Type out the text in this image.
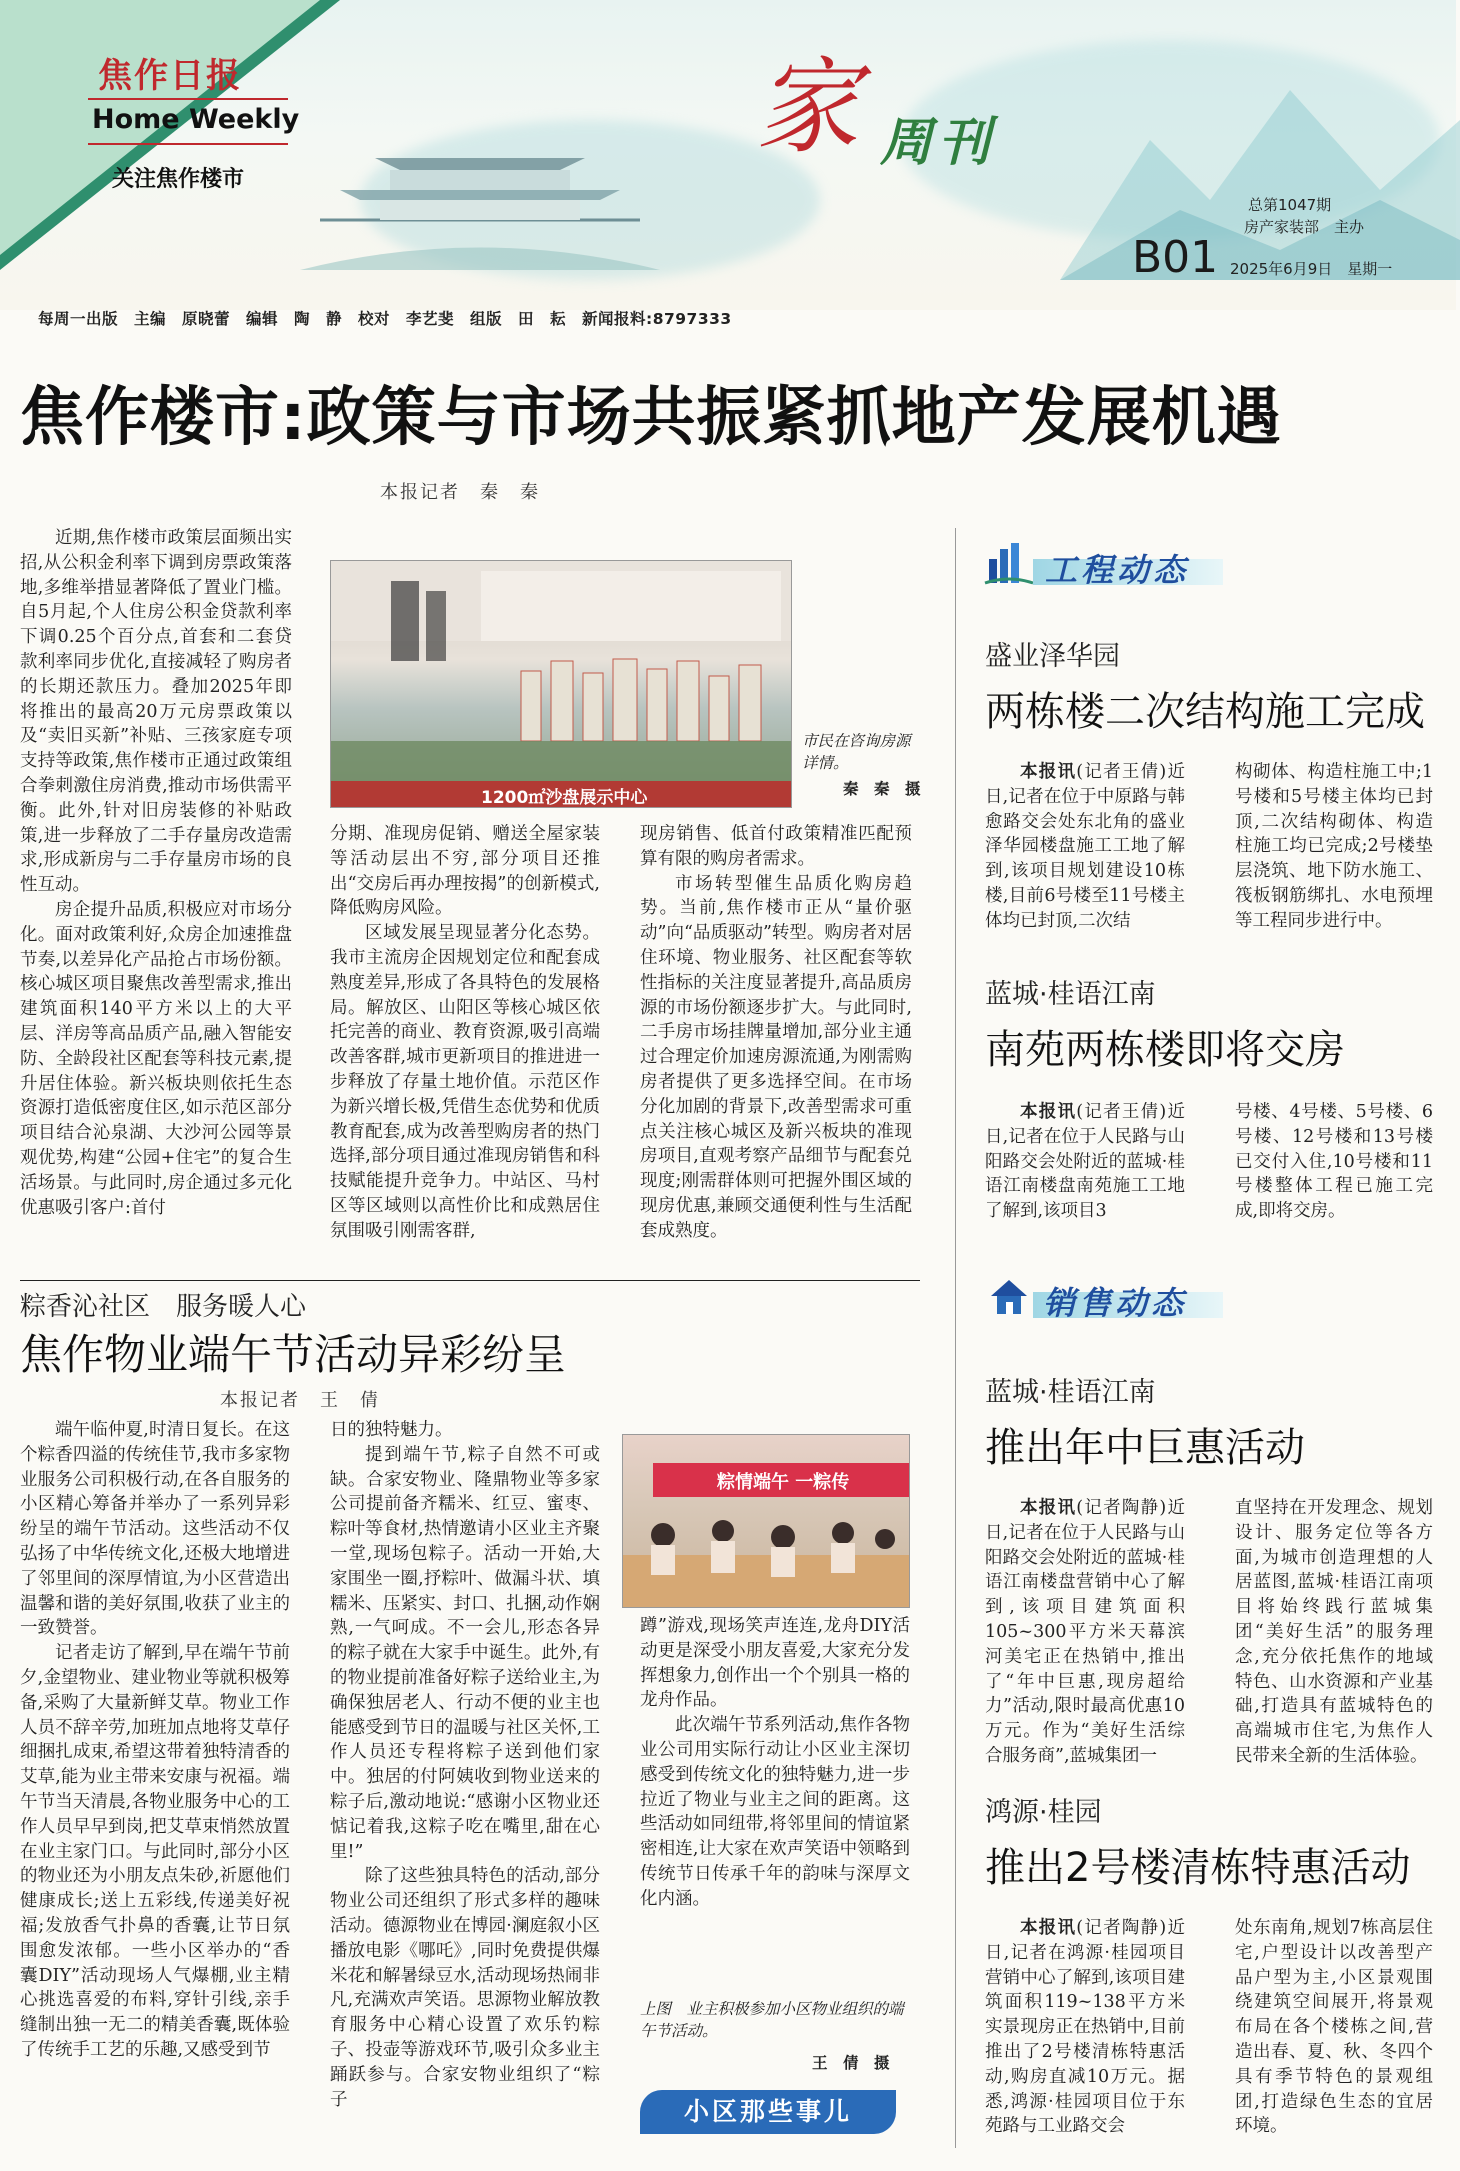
焦作日报
Home Weekly
关注焦作楼市
家 周刊
总第1047期
房产家装部　主办
B01 2025年6月9日　星期一
每周一出版　主编　原晓蕾　编辑　陶　静　校对　李艺斐　组版　田　耘　新闻报料:8797333
焦作楼市:政策与市场共振紧抓地产发展机遇
本报记者　秦　秦

近期,焦作楼市政策层面频出实招,从公积金利率下调到房票政策落地,多维举措显著降低了置业门槛。自5月起,个人住房公积金贷款利率下调0.25个百分点,首套和二套贷款利率同步优化,直接减轻了购房者的长期还款压力。叠加2025年即将推出的最高20万元房票政策以及“卖旧买新”补贴、三孩家庭专项支持等政策,焦作楼市正通过政策组合拳刺激住房消费,推动市场供需平衡。此外,针对旧房装修的补贴政策,进一步释放了二手存量房改造需求,形成新房与二手存量房市场的良性互动。

房企提升品质,积极应对市场分化。面对政策利好,众房企加速推盘节奏,以差异化产品抢占市场份额。核心城区项目聚焦改善型需求,推出建筑面积140平方米以上的大平层、洋房等高品质产品,融入智能安防、全龄段社区配套等科技元素,提升居住体验。新兴板块则依托生态资源打造低密度住区,如示范区部分项目结合沁泉湖、大沙河公园等景观优势,构建“公园+住宅”的复合生活场景。与此同时,房企通过多元化优惠吸引客户:首付

1200㎡沙盘展示中心
市民在咨询房源详情。
秦　秦　摄

分期、准现房促销、赠送全屋家装等活动层出不穷,部分项目还推出“交房后再办理按揭”的创新模式,降低购房风险。

区域发展呈现显著分化态势。我市主流房企因规划定位和配套成熟度差异,形成了各具特色的发展格局。解放区、山阳区等核心城区依托完善的商业、教育资源,吸引高端改善客群,城市更新项目的推进进一步释放了存量土地价值。示范区作为新兴增长极,凭借生态优势和优质教育配套,成为改善型购房者的热门选择,部分项目通过准现房销售和科技赋能提升竞争力。中站区、马村区等区域则以高性价比和成熟居住氛围吸引刚需客群,

现房销售、低首付政策精准匹配预算有限的购房者需求。

市场转型催生品质化购房趋势。当前,焦作楼市正从“量价驱动”向“品质驱动”转型。购房者对居住环境、物业服务、社区配套等软性指标的关注度显著提升,高品质房源的市场份额逐步扩大。与此同时,二手房市场挂牌量增加,部分业主通过合理定价加速房源流通,为刚需购房者提供了更多选择空间。在市场分化加剧的背景下,改善型需求可重点关注核心城区及新兴板块的准现房项目,直观考察产品细节与配套兑现度;刚需群体则可把握外围区域的现房优惠,兼顾交通便利性与生活配套成熟度。

粽香沁社区　服务暖人心
焦作物业端午节活动异彩纷呈
本报记者　王　倩

端午临仲夏,时清日复长。在这个粽香四溢的传统佳节,我市多家物业服务公司积极行动,在各自服务的小区精心筹备并举办了一系列异彩纷呈的端午节活动。这些活动不仅弘扬了中华传统文化,还极大地增进了邻里间的深厚情谊,为小区营造出温馨和谐的美好氛围,收获了业主的一致赞誉。

记者走访了解到,早在端午节前夕,金望物业、建业物业等就积极筹备,采购了大量新鲜艾草。物业工作人员不辞辛劳,加班加点地将艾草仔细捆扎成束,希望这带着独特清香的艾草,能为业主带来安康与祝福。端午节当天清晨,各物业服务中心的工作人员早早到岗,把艾草束悄然放置在业主家门口。与此同时,部分小区的物业还为小朋友点朱砂,祈愿他们健康成长;送上五彩线,传递美好祝福;发放香气扑鼻的香囊,让节日氛围愈发浓郁。一些小区举办的“香囊DIY”活动现场人气爆棚,业主精心挑选喜爱的布料,穿针引线,亲手缝制出独一无二的精美香囊,既体验了传统手工艺的乐趣,又感受到节

日的独特魅力。

提到端午节,粽子自然不可或缺。合家安物业、隆鼎物业等多家公司提前备齐糯米、红豆、蜜枣、粽叶等食材,热情邀请小区业主齐聚一堂,现场包粽子。活动一开始,大家围坐一圈,抒粽叶、做漏斗状、填糯米、压紧实、封口、扎捆,动作娴熟,一气呵成。不一会儿,形态各异的粽子就在大家手中诞生。此外,有的物业提前准备好粽子送给业主,为确保独居老人、行动不便的业主也能感受到节日的温暖与社区关怀,工作人员还专程将粽子送到他们家中。独居的付阿姨收到物业送来的粽子后,激动地说:“感谢小区物业还惦记着我,这粽子吃在嘴里,甜在心里!”

除了这些独具特色的活动,部分物业公司还组织了形式多样的趣味活动。德源物业在博园·澜庭叙小区播放电影《哪吒》,同时免费提供爆米花和解暑绿豆水,活动现场热闹非凡,充满欢声笑语。思源物业解放教育服务中心精心设置了欢乐钓粽子、投壶等游戏环节,吸引众多业主踊跃参与。合家安物业组织了“粽子

粽情端午 一粽传

蹲”游戏,现场笑声连连,龙舟DIY活动更是深受小朋友喜爱,大家充分发挥想象力,创作出一个个别具一格的龙舟作品。

此次端午节系列活动,焦作各物业公司用实际行动让小区业主深切感受到传统文化的独特魅力,进一步拉近了物业与业主之间的距离。这些活动如同纽带,将邻里间的情谊紧密相连,让大家在欢声笑语中领略到传统节日传承千年的韵味与深厚文化内涵。

上图　业主积极参加小区物业组织的端午节活动。
王　倩　摄
小区那些事儿
工程动态
盛业泽华园
两栋楼二次结构施工完成

本报讯(记者王倩)近日,记者在位于中原路与韩愈路交会处东北角的盛业泽华园楼盘施工工地了解到,该项目规划建设10栋楼,目前6号楼至11号楼主体均已封顶,二次结

构砌体、构造柱施工中;1号楼和5号楼主体均已封顶,二次结构砌体、构造柱施工均已完成;2号楼垫层浇筑、地下防水施工、筏板钢筋绑扎、水电预埋等工程同步进行中。

蓝城·桂语江南
南苑两栋楼即将交房

本报讯(记者王倩)近日,记者在位于人民路与山阳路交会处附近的蓝城·桂语江南楼盘南苑施工工地了解到,该项目3

号楼、4号楼、5号楼、6号楼、12号楼和13号楼已交付入住,10号楼和11号楼整体工程已施工完成,即将交房。

销售动态
蓝城·桂语江南
推出年中巨惠活动

本报讯(记者陶静)近日,记者在位于人民路与山阳路交会处附近的蓝城·桂语江南楼盘营销中心了解到,该项目建筑面积105~300平方米天幕滨河美宅正在热销中,推出了“年中巨惠,现房超给力”活动,限时最高优惠10万元。作为“美好生活综合服务商”,蓝城集团一

直坚持在开发理念、规划设计、服务定位等各方面,为城市创造理想的人居蓝图,蓝城·桂语江南项目将始终践行蓝城集团“美好生活”的服务理念,充分依托焦作的地域特色、山水资源和产业基础,打造具有蓝城特色的高端城市住宅,为焦作人民带来全新的生活体验。

鸿源·桂园
推出2号楼清栋特惠活动

本报讯(记者陶静)近日,记者在鸿源·桂园项目营销中心了解到,该项目建筑面积119~138平方米实景现房正在热销中,目前推出了2号楼清栋特惠活动,购房直减10万元。据悉,鸿源·桂园项目位于东苑路与工业路交会

处东南角,规划7栋高层住宅,户型设计以改善型产品户型为主,小区景观围绕建筑空间展开,将景观布局在各个楼栋之间,营造出春、夏、秋、冬四个具有季节特色的景观组团,打造绿色生态的宜居环境。
